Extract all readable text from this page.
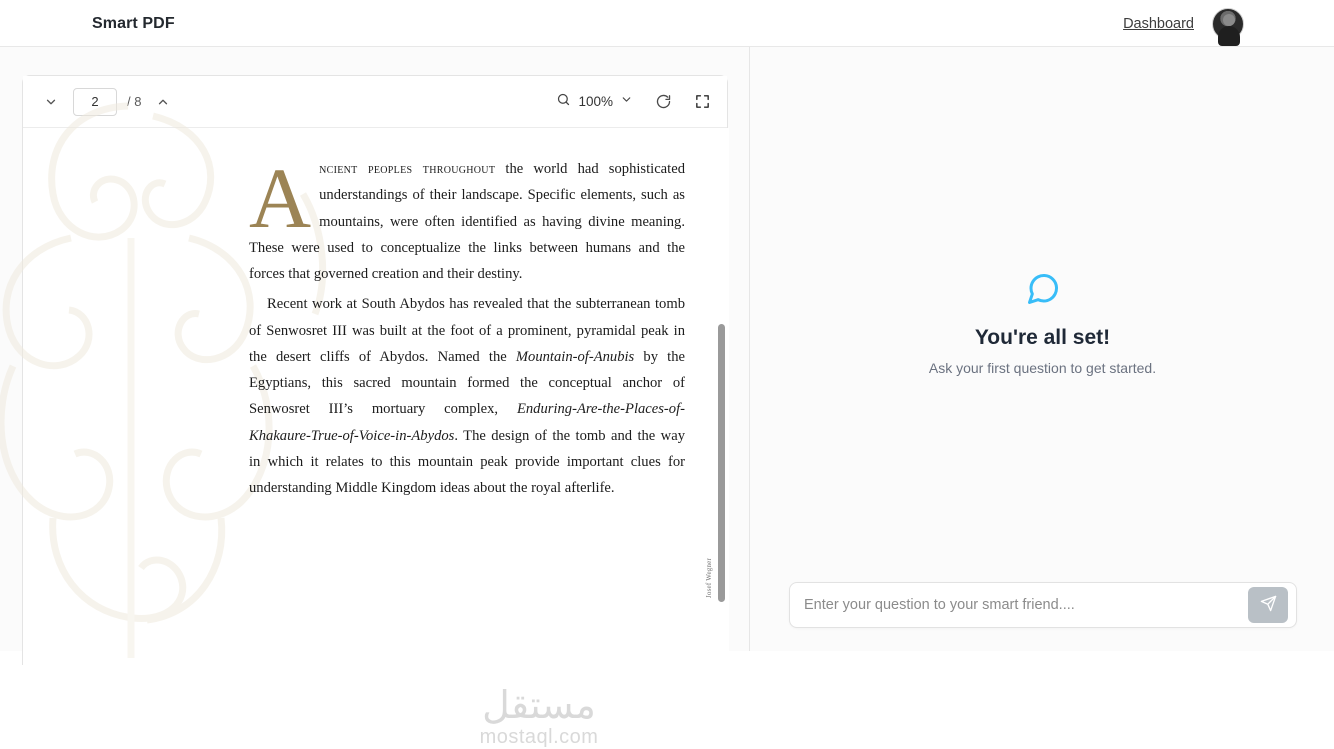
Smart PDF	Dashboard
2
/ 8	100%
A ncient peoples throughout the world had sophisticated understandings of their landscape. Specific elements, such as mountains, were often identified as having divine meaning. These were used to conceptualize the links between humans and the forces that governed creation and their destiny.

Recent work at South Abydos has revealed that the subterranean tomb of Senwosret III was built at the foot of a prominent, pyramidal peak in the desert cliffs of Abydos. Named the Mountain-of-Anubis by the Egyptians, this sacred mountain formed the conceptual anchor of Senwosret III’s mortuary complex, Enduring-Are-the-Places-of-Khakaure-True-of-Voice-in-Abydos. The design of the tomb and the way in which it relates to this mountain peak provide important clues for understanding Middle Kingdom ideas about the royal afterlife.

Josef Wegner
مستقل
mostaql.com
You're all set!

Ask your first question to get started.

Enter your question to your smart friend....
